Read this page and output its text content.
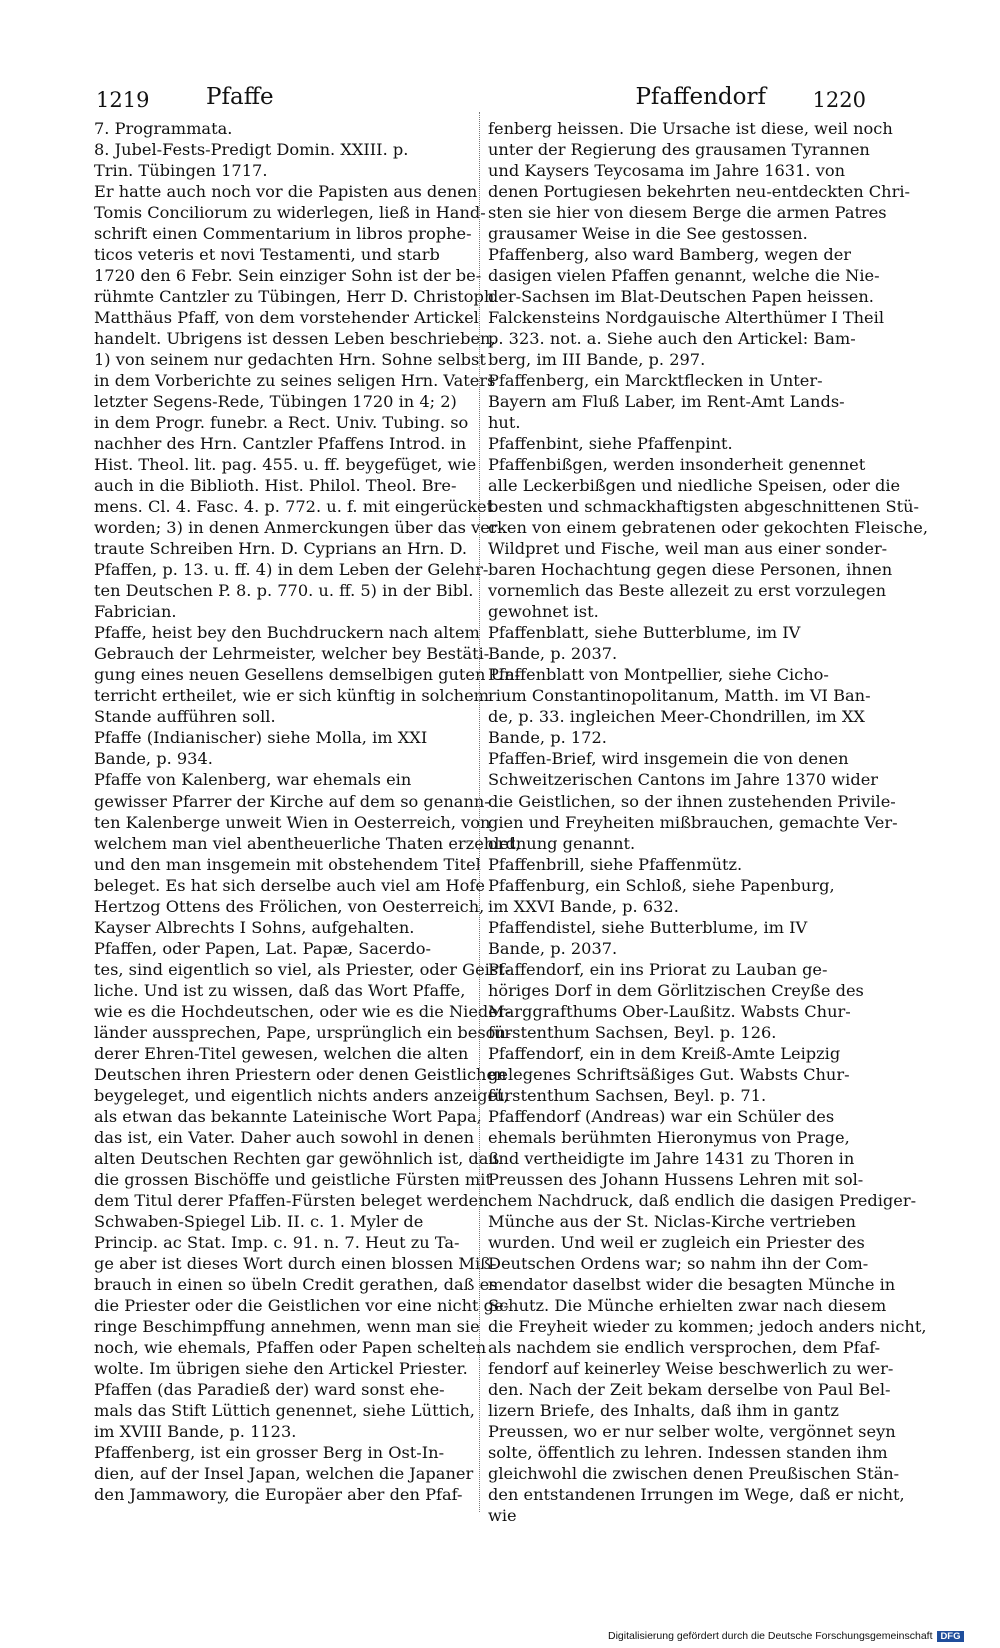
1219 Pfaffe	Pfaffendorf 1220
7. Programmata.
8. Jubel-Fests-Predigt Domin. XXIII. p.
Trin. Tübingen 1717.
Er hatte auch noch vor die Papisten aus denen
Tomis Conciliorum zu widerlegen, ließ in Hand-
schrift einen Commentarium in libros prophe-
ticos veteris et novi Testamenti, und starb
1720 den 6 Febr. Sein einziger Sohn ist der be-
rühmte Cantzler zu Tübingen, Herr D. Christoph
Matthäus Pfaff, von dem vorstehender Artickel
handelt. Ubrigens ist dessen Leben beschrieben,
1) von seinem nur gedachten Hrn. Sohne selbst
in dem Vorberichte zu seines seligen Hrn. Vaters
letzter Segens-Rede, Tübingen 1720 in 4; 2)
in dem Progr. funebr. a Rect. Univ. Tubing. so
nachher des Hrn. Cantzler Pfaffens Introd. in
Hist. Theol. lit. pag. 455. u. ff. beygefüget, wie
auch in die Biblioth. Hist. Philol. Theol. Bre-
mens. Cl. 4. Fasc. 4. p. 772. u. f. mit eingerücket
worden; 3) in denen Anmerckungen über das ver-
traute Schreiben Hrn. D. Cyprians an Hrn. D.
Pfaffen, p. 13. u. ff. 4) in dem Leben der Gelehr-
ten Deutschen P. 8. p. 770. u. ff. 5) in der Bibl.
Fabrician.
Pfaffe, heist bey den Buchdruckern nach altem
Gebrauch der Lehrmeister, welcher bey Bestäti-
gung eines neuen Gesellens demselbigen guten Un-
terricht ertheilet, wie er sich künftig in solchem
Stande aufführen soll.
Pfaffe (Indianischer) siehe Molla, im XXI
Bande, p. 934.
Pfaffe von Kalenberg, war ehemals ein
gewisser Pfarrer der Kirche auf dem so genann-
ten Kalenberge unweit Wien in Oesterreich, von
welchem man viel abentheuerliche Thaten erzehlet,
und den man insgemein mit obstehendem Titel
beleget. Es hat sich derselbe auch viel am Hofe
Hertzog Ottens des Frölichen, von Oesterreich,
Kayser Albrechts I Sohns, aufgehalten.
Pfaffen, oder Papen, Lat. Papæ, Sacerdo-
tes, sind eigentlich so viel, als Priester, oder Geist-
liche. Und ist zu wissen, daß das Wort Pfaffe,
wie es die Hochdeutschen, oder wie es die Nieder-
länder aussprechen, Pape, ursprünglich ein beson-
derer Ehren-Titel gewesen, welchen die alten
Deutschen ihren Priestern oder denen Geistlichen
beygeleget, und eigentlich nichts anders anzeiget,
als etwan das bekannte Lateinische Wort Papa,
das ist, ein Vater. Daher auch sowohl in denen
alten Deutschen Rechten gar gewöhnlich ist, daß
die grossen Bischöffe und geistliche Fürsten mit
dem Titul derer Pfaffen-Fürsten beleget werden.
Schwaben-Spiegel Lib. II. c. 1. Myler de
Princip. ac Stat. Imp. c. 91. n. 7. Heut zu Ta-
ge aber ist dieses Wort durch einen blossen Miß-
brauch in einen so übeln Credit gerathen, daß es
die Priester oder die Geistlichen vor eine nicht ge-
ringe Beschimpffung annehmen, wenn man sie
noch, wie ehemals, Pfaffen oder Papen schelten
wolte. Im übrigen siehe den Artickel Priester.
Pfaffen (das Paradieß der) ward sonst ehe-
mals das Stift Lüttich genennet, siehe Lüttich,
im XVIII Bande, p. 1123.
Pfaffenberg, ist ein grosser Berg in Ost-In-
dien, auf der Insel Japan, welchen die Japaner
den Jammawory, die Europäer aber den Pfaf-
fenberg heissen. Die Ursache ist diese, weil noch
unter der Regierung des grausamen Tyrannen
und Kaysers Teycosama im Jahre 1631. von
denen Portugiesen bekehrten neu-entdeckten Chri-
sten sie hier von diesem Berge die armen Patres
grausamer Weise in die See gestossen.
Pfaffenberg, also ward Bamberg, wegen der
dasigen vielen Pfaffen genannt, welche die Nie-
der-Sachsen im Blat-Deutschen Papen heissen.
Falckensteins Nordgauische Alterthümer I Theil
p. 323. not. a. Siehe auch den Artickel: Bam-
berg, im III Bande, p. 297.
Pfaffenberg, ein Marcktflecken in Unter-
Bayern am Fluß Laber, im Rent-Amt Lands-
hut.
Pfaffenbint, siehe Pfaffenpint.
Pfaffenbißgen, werden insonderheit genennet
alle Leckerbißgen und niedliche Speisen, oder die
besten und schmackhaftigsten abgeschnittenen Stü-
cken von einem gebratenen oder gekochten Fleische,
Wildpret und Fische, weil man aus einer sonder-
baren Hochachtung gegen diese Personen, ihnen
vornemlich das Beste allezeit zu erst vorzulegen
gewohnet ist.
Pfaffenblatt, siehe Butterblume, im IV
Bande, p. 2037.
Pfaffenblatt von Montpellier, siehe Cicho-
rium Constantinopolitanum, Matth. im VI Ban-
de, p. 33. ingleichen Meer-Chondrillen, im XX
Bande, p. 172.
Pfaffen-Brief, wird insgemein die von denen
Schweitzerischen Cantons im Jahre 1370 wider
die Geistlichen, so der ihnen zustehenden Privile-
gien und Freyheiten mißbrauchen, gemachte Ver-
ordnung genannt.
Pfaffenbrill, siehe Pfaffenmütz.
Pfaffenburg, ein Schloß, siehe Papenburg,
im XXVI Bande, p. 632.
Pfaffendistel, siehe Butterblume, im IV
Bande, p. 2037.
Pfaffendorf, ein ins Priorat zu Lauban ge-
höriges Dorf in dem Görlitzischen Creyße des
Marggrafthums Ober-Laußitz. Wabsts Chur-
fürstenthum Sachsen, Beyl. p. 126.
Pfaffendorf, ein in dem Kreiß-Amte Leipzig
gelegenes Schriftsäßiges Gut. Wabsts Chur-
fürstenthum Sachsen, Beyl. p. 71.
Pfaffendorf (Andreas) war ein Schüler des
ehemals berühmten Hieronymus von Prage,
und vertheidigte im Jahre 1431 zu Thoren in
Preussen des Johann Hussens Lehren mit sol-
chem Nachdruck, daß endlich die dasigen Prediger-
Münche aus der St. Niclas-Kirche vertrieben
wurden. Und weil er zugleich ein Priester des
Deutschen Ordens war; so nahm ihn der Com-
mendator daselbst wider die besagten Münche in
Schutz. Die Münche erhielten zwar nach diesem
die Freyheit wieder zu kommen; jedoch anders nicht,
als nachdem sie endlich versprochen, dem Pfaf-
fendorf auf keinerley Weise beschwerlich zu wer-
den. Nach der Zeit bekam derselbe von Paul Bel-
lizern Briefe, des Inhalts, daß ihm in gantz
Preussen, wo er nur selber wolte, vergönnet seyn
solte, öffentlich zu lehren. Indessen standen ihm
gleichwohl die zwischen denen Preußischen Stän-
den entstandenen Irrungen im Wege, daß er nicht,
wie
Digitalisierung gefördert durch die Deutsche Forschungsgemeinschaft DFG
